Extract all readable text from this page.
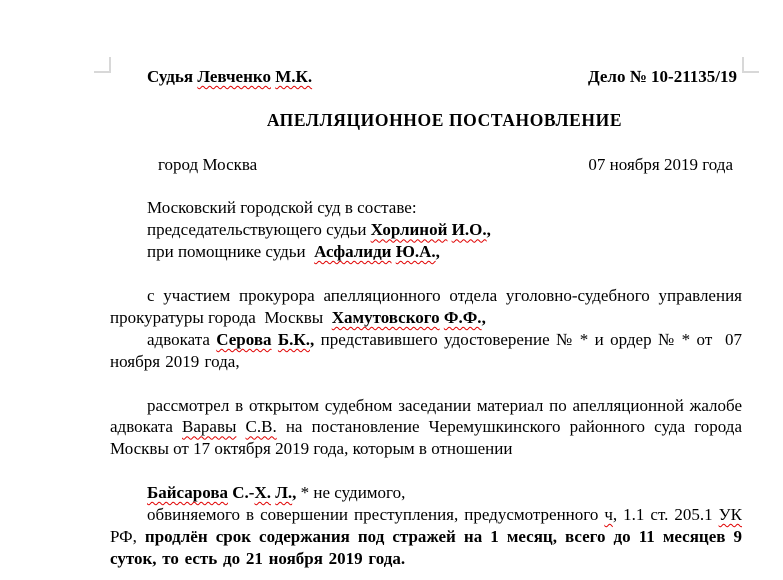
Судья Левченко М.К.	Дело № 10-21135/19
АПЕЛЛЯЦИОННОЕ ПОСТАНОВЛЕНИЕ
город Москва	07 ноября 2019 года
Московский городской суд в составе:
председательствующего судьи Хорлиной И.О.,
при помощнике судьи  Асфалиди Ю.А.,
с участием прокурора апелляционного отдела уголовно-судебного управления прокуратуры города  Москвы  Хамутовского Ф.Ф.,
адвоката Серова Б.К., представившего удостоверение № * и ордер № * от  07 ноября 2019 года,
рассмотрел в открытом судебном заседании материал по апелляционной жалобе адвоката Варавы С.В. на постановление Черемушкинского районного суда города Москвы от 17 октября 2019 года, которым в отношении
Байсарова С.-Х. Л., * не судимого,
обвиняемого в совершении преступления, предусмотренного ч, 1.1 ст. 205.1 УК РФ, продлён срок содержания под стражей на 1 месяц, всего до 11 месяцев 9 суток, то есть до 21 ноября 2019 года.
